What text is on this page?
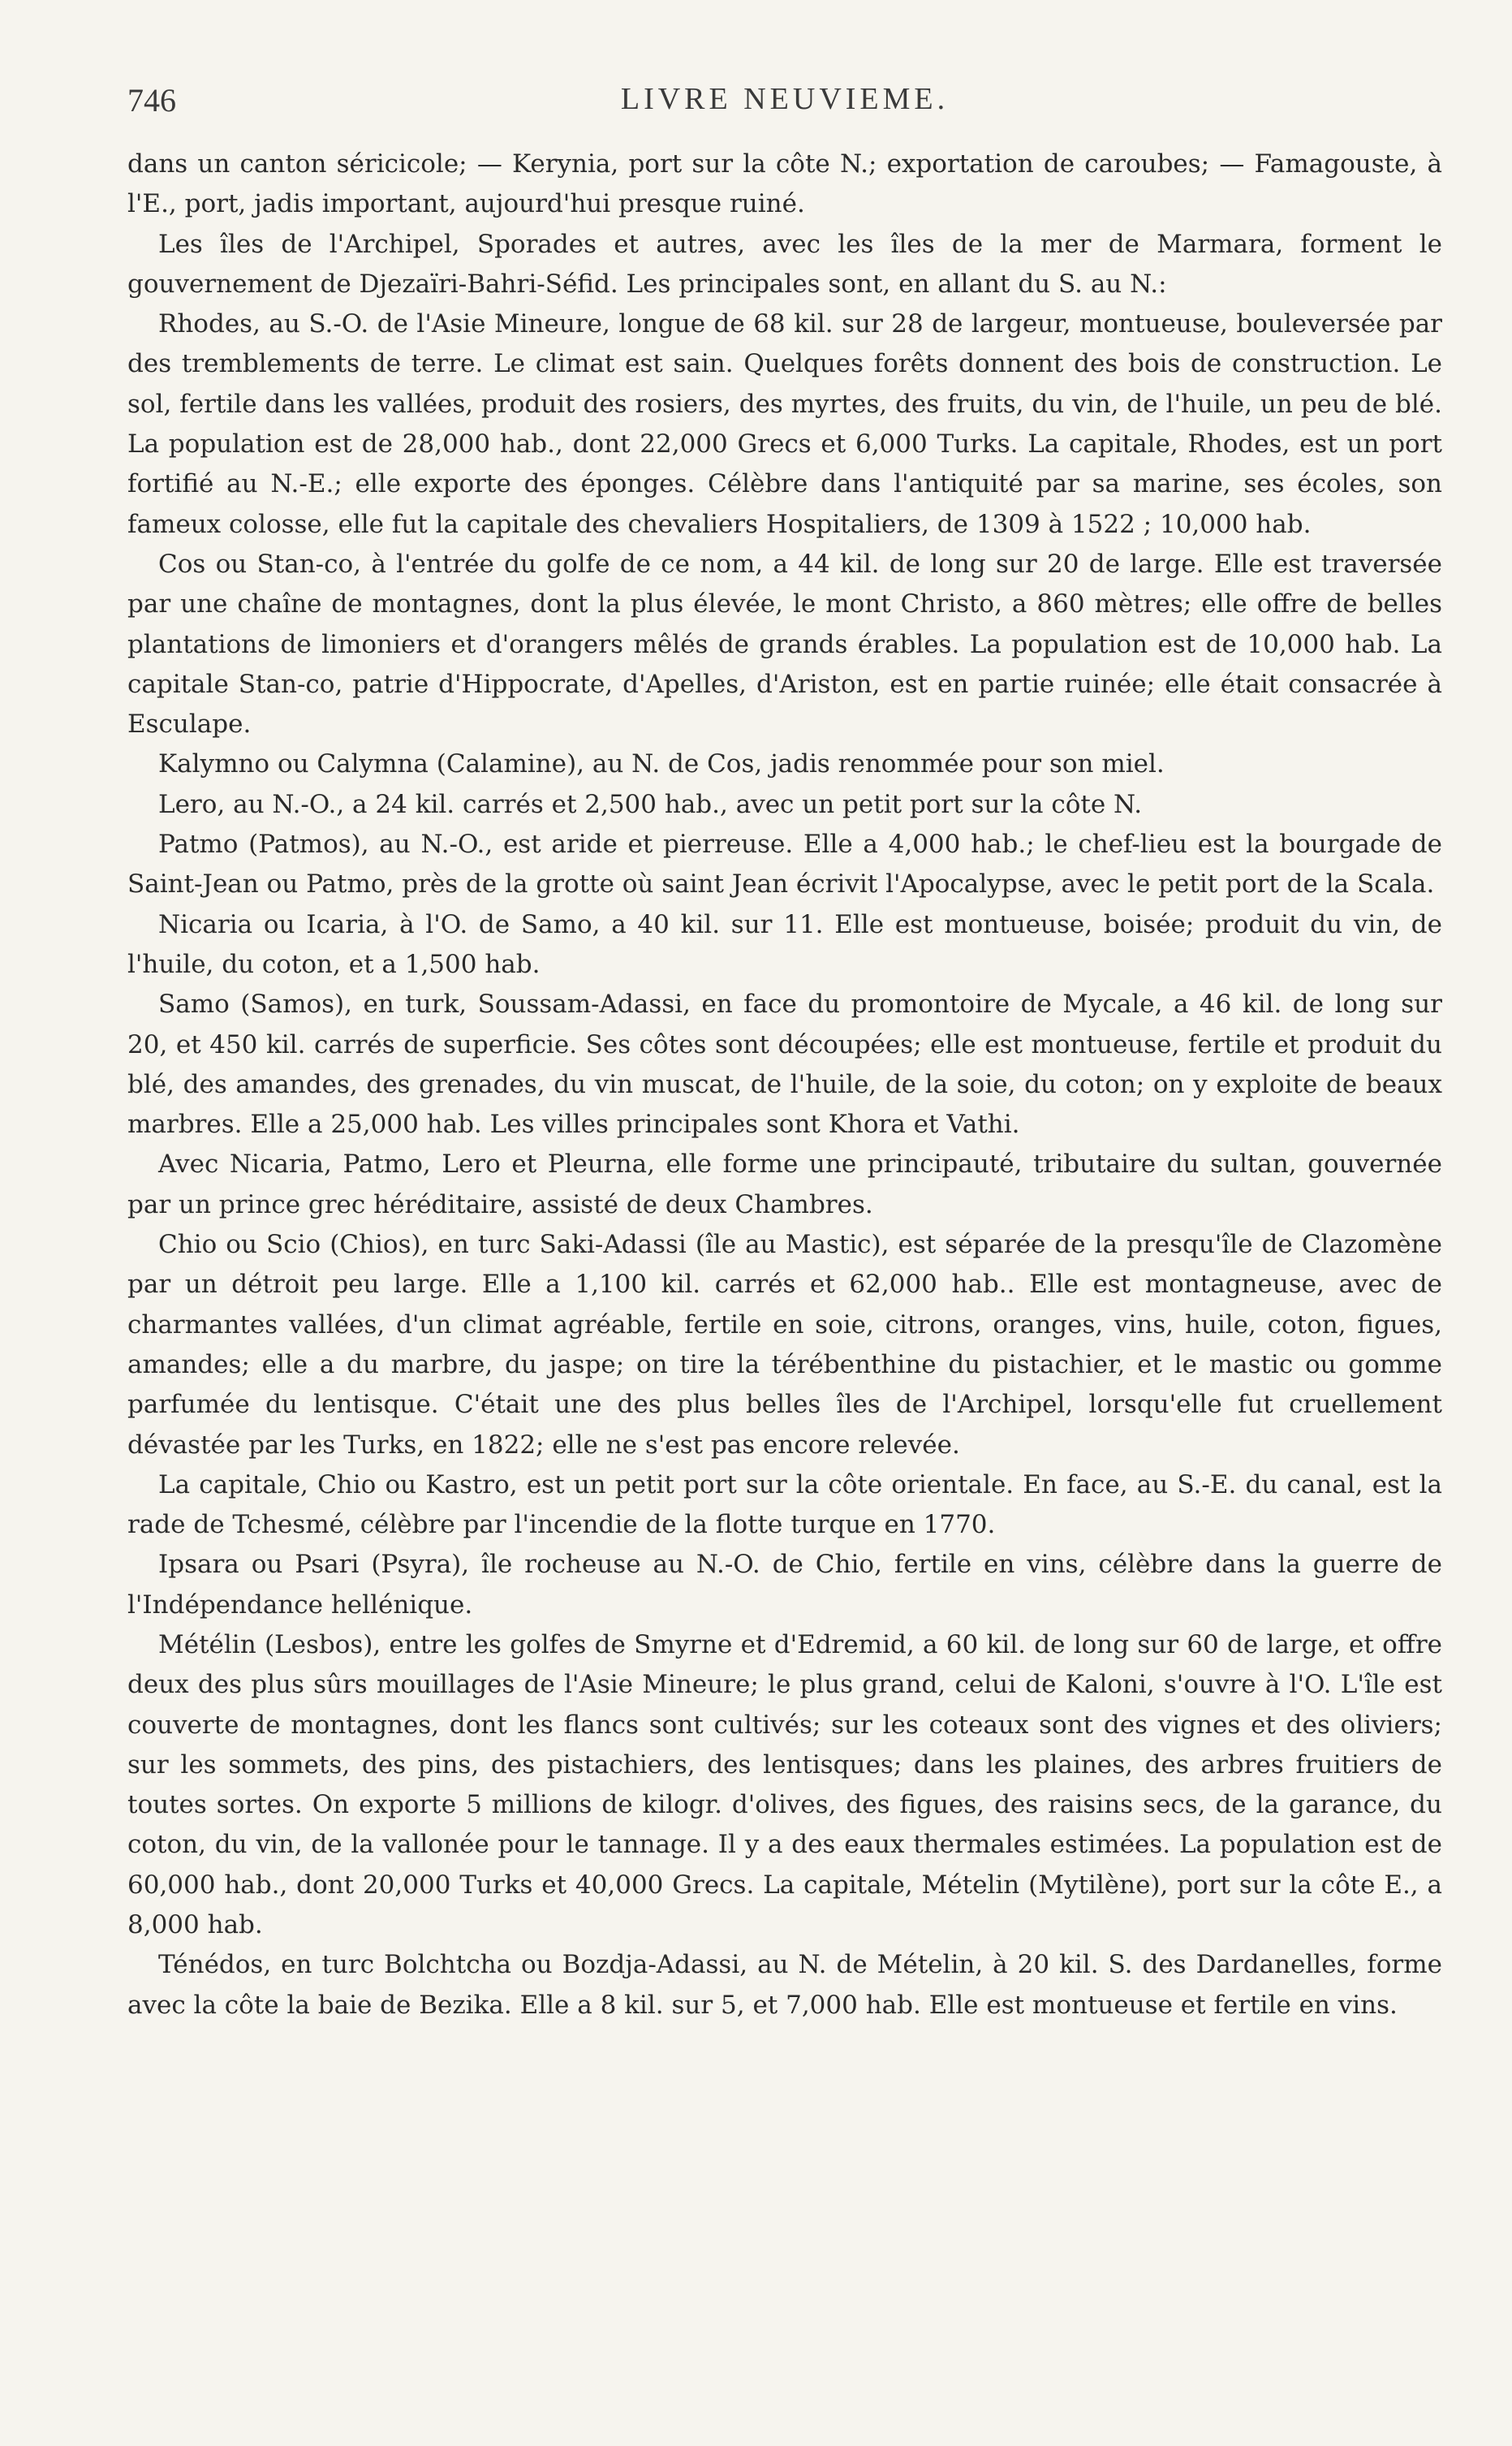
746	LIVRE NEUVIEME.

dans un canton séricicole; — Kerynia, port sur la côte N.; exportation de caroubes; — Famagouste, à l'E., port, jadis important, aujourd'hui presque ruiné.

Les îles de l'Archipel, Sporades et autres, avec les îles de la mer de Marmara, forment le gouvernement de Djezaïri-Bahri-Séfid. Les principales sont, en allant du S. au N.:

Rhodes, au S.-O. de l'Asie Mineure, longue de 68 kil. sur 28 de largeur, montueuse, bouleversée par des tremblements de terre. Le climat est sain. Quelques forêts donnent des bois de construction. Le sol, fertile dans les vallées, produit des rosiers, des myrtes, des fruits, du vin, de l'huile, un peu de blé. La population est de 28,000 hab., dont 22,000 Grecs et 6,000 Turks. La capitale, Rhodes, est un port fortifié au N.-E.; elle exporte des éponges. Célèbre dans l'antiquité par sa marine, ses écoles, son fameux colosse, elle fut la capitale des chevaliers Hospitaliers, de 1309 à 1522 ; 10,000 hab.

Cos ou Stan-co, à l'entrée du golfe de ce nom, a 44 kil. de long sur 20 de large. Elle est traversée par une chaîne de montagnes, dont la plus élevée, le mont Christo, a 860 mètres; elle offre de belles plantations de limoniers et d'orangers mêlés de grands érables. La population est de 10,000 hab. La capitale Stan-co, patrie d'Hippocrate, d'Apelles, d'Ariston, est en partie ruinée; elle était consacrée à Esculape.

Kalymno ou Calymna (Calamine), au N. de Cos, jadis renommée pour son miel.

Lero, au N.-O., a 24 kil. carrés et 2,500 hab., avec un petit port sur la côte N.

Patmo (Patmos), au N.-O., est aride et pierreuse. Elle a 4,000 hab.; le chef-lieu est la bourgade de Saint-Jean ou Patmo, près de la grotte où saint Jean écrivit l'Apocalypse, avec le petit port de la Scala.

Nicaria ou Icaria, à l'O. de Samo, a 40 kil. sur 11. Elle est montueuse, boisée; produit du vin, de l'huile, du coton, et a 1,500 hab.

Samo (Samos), en turk, Soussam-Adassi, en face du promontoire de Mycale, a 46 kil. de long sur 20, et 450 kil. carrés de superficie. Ses côtes sont découpées; elle est montueuse, fertile et produit du blé, des amandes, des grenades, du vin muscat, de l'huile, de la soie, du coton; on y exploite de beaux marbres. Elle a 25,000 hab. Les villes principales sont Khora et Vathi.

Avec Nicaria, Patmo, Lero et Pleurna, elle forme une principauté, tributaire du sultan, gouvernée par un prince grec héréditaire, assisté de deux Chambres.

Chio ou Scio (Chios), en turc Saki-Adassi (île au Mastic), est séparée de la presqu'île de Clazomène par un détroit peu large. Elle a 1,100 kil. carrés et 62,000 hab.. Elle est montagneuse, avec de charmantes vallées, d'un climat agréable, fertile en soie, citrons, oranges, vins, huile, coton, figues, amandes; elle a du marbre, du jaspe; on tire la térébenthine du pistachier, et le mastic ou gomme parfumée du lentisque. C'était une des plus belles îles de l'Archipel, lorsqu'elle fut cruellement dévastée par les Turks, en 1822; elle ne s'est pas encore relevée.

La capitale, Chio ou Kastro, est un petit port sur la côte orientale. En face, au S.-E. du canal, est la rade de Tchesmé, célèbre par l'incendie de la flotte turque en 1770.

Ipsara ou Psari (Psyra), île rocheuse au N.-O. de Chio, fertile en vins, célèbre dans la guerre de l'Indépendance hellénique.

Métélin (Lesbos), entre les golfes de Smyrne et d'Edremid, a 60 kil. de long sur 60 de large, et offre deux des plus sûrs mouillages de l'Asie Mineure; le plus grand, celui de Kaloni, s'ouvre à l'O. L'île est couverte de montagnes, dont les flancs sont cultivés; sur les coteaux sont des vignes et des oliviers; sur les sommets, des pins, des pistachiers, des lentisques; dans les plaines, des arbres fruitiers de toutes sortes. On exporte 5 millions de kilogr. d'olives, des figues, des raisins secs, de la garance, du coton, du vin, de la vallonée pour le tannage. Il y a des eaux thermales estimées. La population est de 60,000 hab., dont 20,000 Turks et 40,000 Grecs. La capitale, Mételin (Mytilène), port sur la côte E., a 8,000 hab.

Ténédos, en turc Bolchtcha ou Bozdja-Adassi, au N. de Mételin, à 20 kil. S. des Dardanelles, forme avec la côte la baie de Bezika. Elle a 8 kil. sur 5, et 7,000 hab. Elle est montueuse et fertile en vins.
